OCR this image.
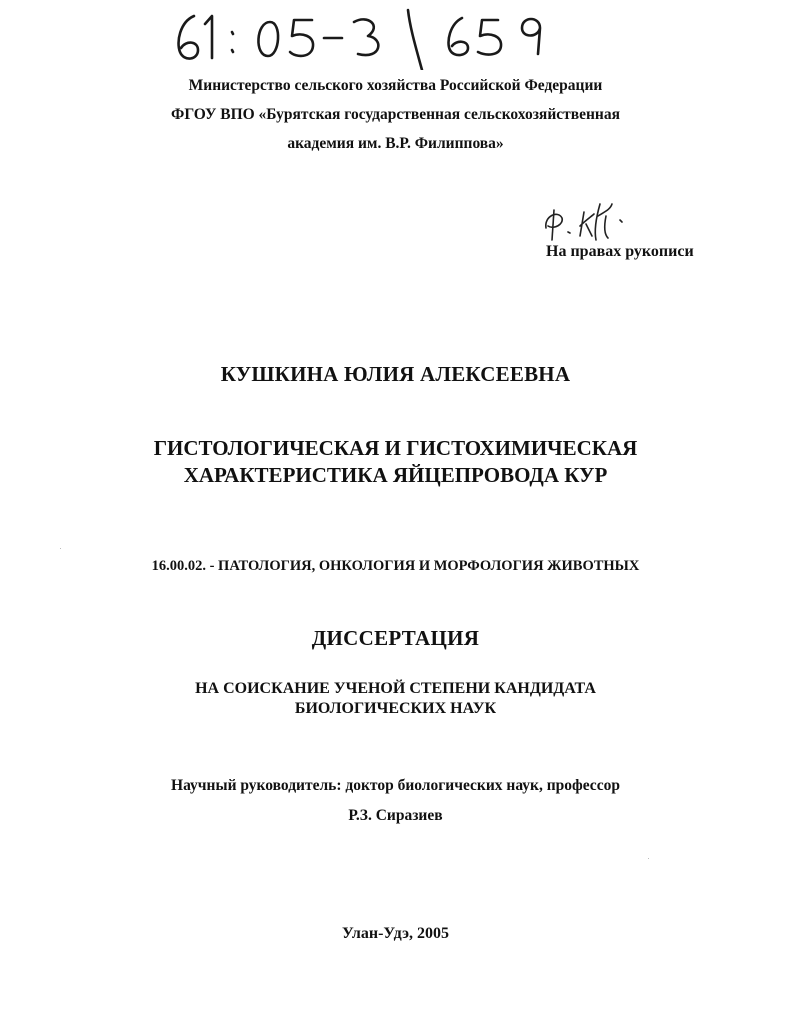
Министерство сельского хозяйства Российской Федерации
ФГОУ ВПО «Бурятская государственная сельскохозяйственная
академия им. В.Р. Филиппова»
На правах рукописи
КУШКИНА ЮЛИЯ АЛЕКСЕЕВНА
ГИСТОЛОГИЧЕСКАЯ И ГИСТОХИМИЧЕСКАЯ
ХАРАКТЕРИСТИКА ЯЙЦЕПРОВОДА КУР
16.00.02. - ПАТОЛОГИЯ, ОНКОЛОГИЯ И МОРФОЛОГИЯ ЖИВОТНЫХ
ДИССЕРТАЦИЯ
НА СОИСКАНИЕ УЧЕНОЙ СТЕПЕНИ КАНДИДАТА
БИОЛОГИЧЕСКИХ НАУК
Научный руководитель: доктор биологических наук, профессор
Р.З. Сиразиев
Улан-Удэ, 2005
